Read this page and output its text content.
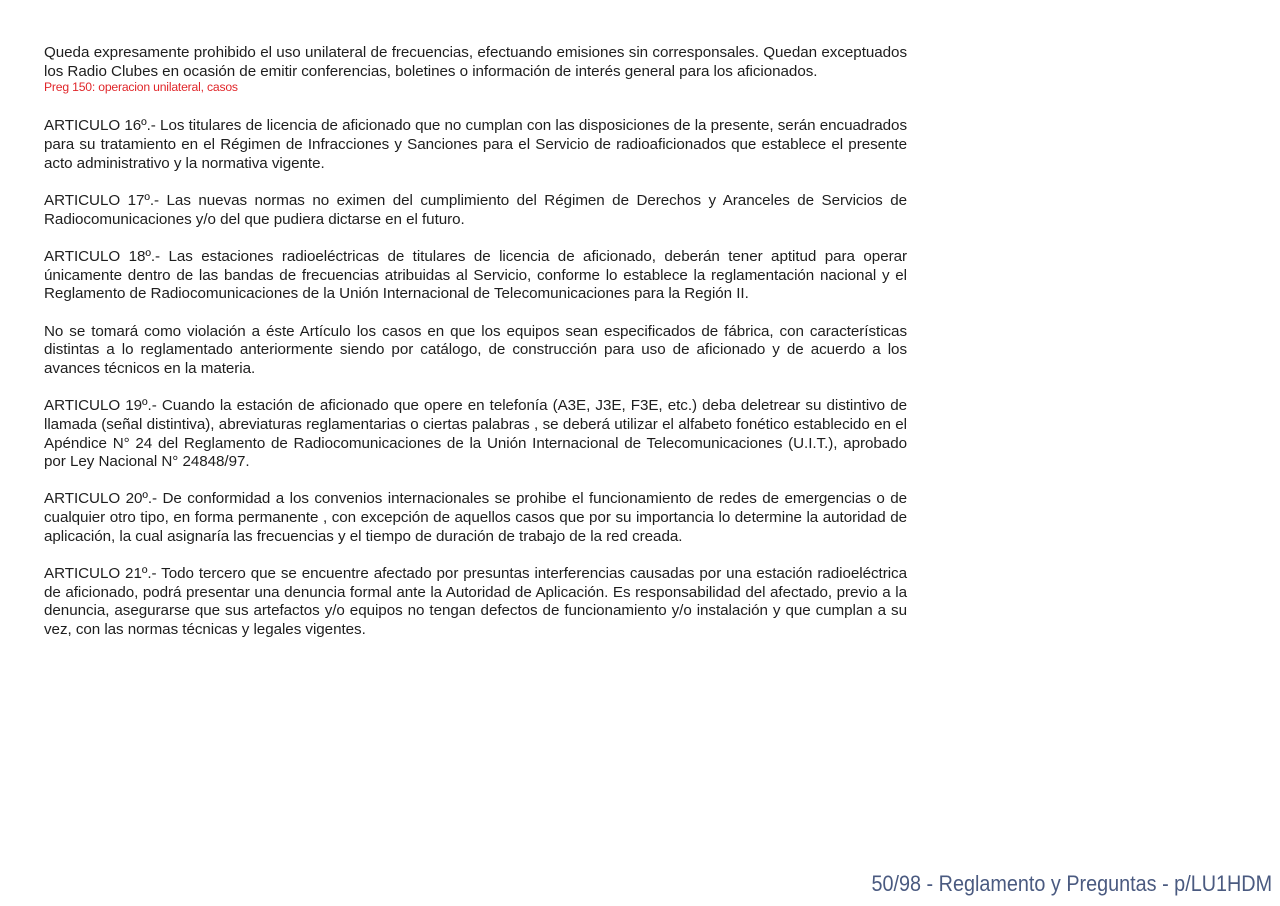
Queda expresamente prohibido el uso unilateral de frecuencias, efectuando emisiones sin corresponsales. Quedan exceptuados los Radio Clubes en ocasión de emitir conferencias, boletines o información de interés general para los aficionados.

Preg 150: operacion unilateral, casos

ARTICULO 16º.- Los titulares de licencia de aficionado que no cumplan con las disposiciones de la presente, serán encuadrados para su tratamiento en el Régimen de Infracciones y Sanciones para el Servicio de radioaficionados que establece el presente acto administrativo y la normativa vigente.

ARTICULO 17º.- Las nuevas normas no eximen del cumplimiento del Régimen de Derechos y Aranceles de Servicios de Radiocomunicaciones y/o del que pudiera dictarse en el futuro.

ARTICULO 18º.- Las estaciones radioeléctricas de titulares de licencia de aficionado, deberán tener aptitud para operar únicamente dentro de las bandas de frecuencias atribuidas al Servicio, conforme lo establece la reglamentación nacional y el Reglamento de Radiocomunicaciones de la Unión Internacional de Telecomunicaciones para la Región II.

No se tomará como violación a éste Artículo los casos en que los equipos sean especificados de fábrica, con características distintas a lo reglamentado anteriormente siendo por catálogo, de construcción para uso de aficionado y de acuerdo a los avances técnicos en la materia.

ARTICULO 19º.- Cuando la estación de aficionado que opere en telefonía (A3E, J3E, F3E, etc.) deba deletrear su distintivo de llamada (señal distintiva), abreviaturas reglamentarias o ciertas palabras , se deberá utilizar el alfabeto fonético establecido en el Apéndice N° 24 del Reglamento de Radiocomunicaciones de la Unión Internacional de Telecomunicaciones (U.I.T.), aprobado por Ley Nacional N° 24848/97.

ARTICULO 20º.- De conformidad a los convenios internacionales se prohibe el funcionamiento de redes de emergencias o de cualquier otro tipo, en forma permanente , con excepción de aquellos casos que por su importancia lo determine la autoridad de aplicación, la cual asignaría las frecuencias y el tiempo de duración de trabajo de la red creada.

ARTICULO 21º.- Todo tercero que se encuentre afectado por presuntas interferencias causadas por una estación radioeléctrica de aficionado, podrá presentar una denuncia formal ante la Autoridad de Aplicación. Es responsabilidad del afectado, previo a la denuncia, asegurarse que sus artefactos y/o equipos no tengan defectos de funcionamiento y/o instalación y que cumplan a su vez, con las normas técnicas y legales vigentes.

50/98 - Reglamento y Preguntas - p/LU1HDM
